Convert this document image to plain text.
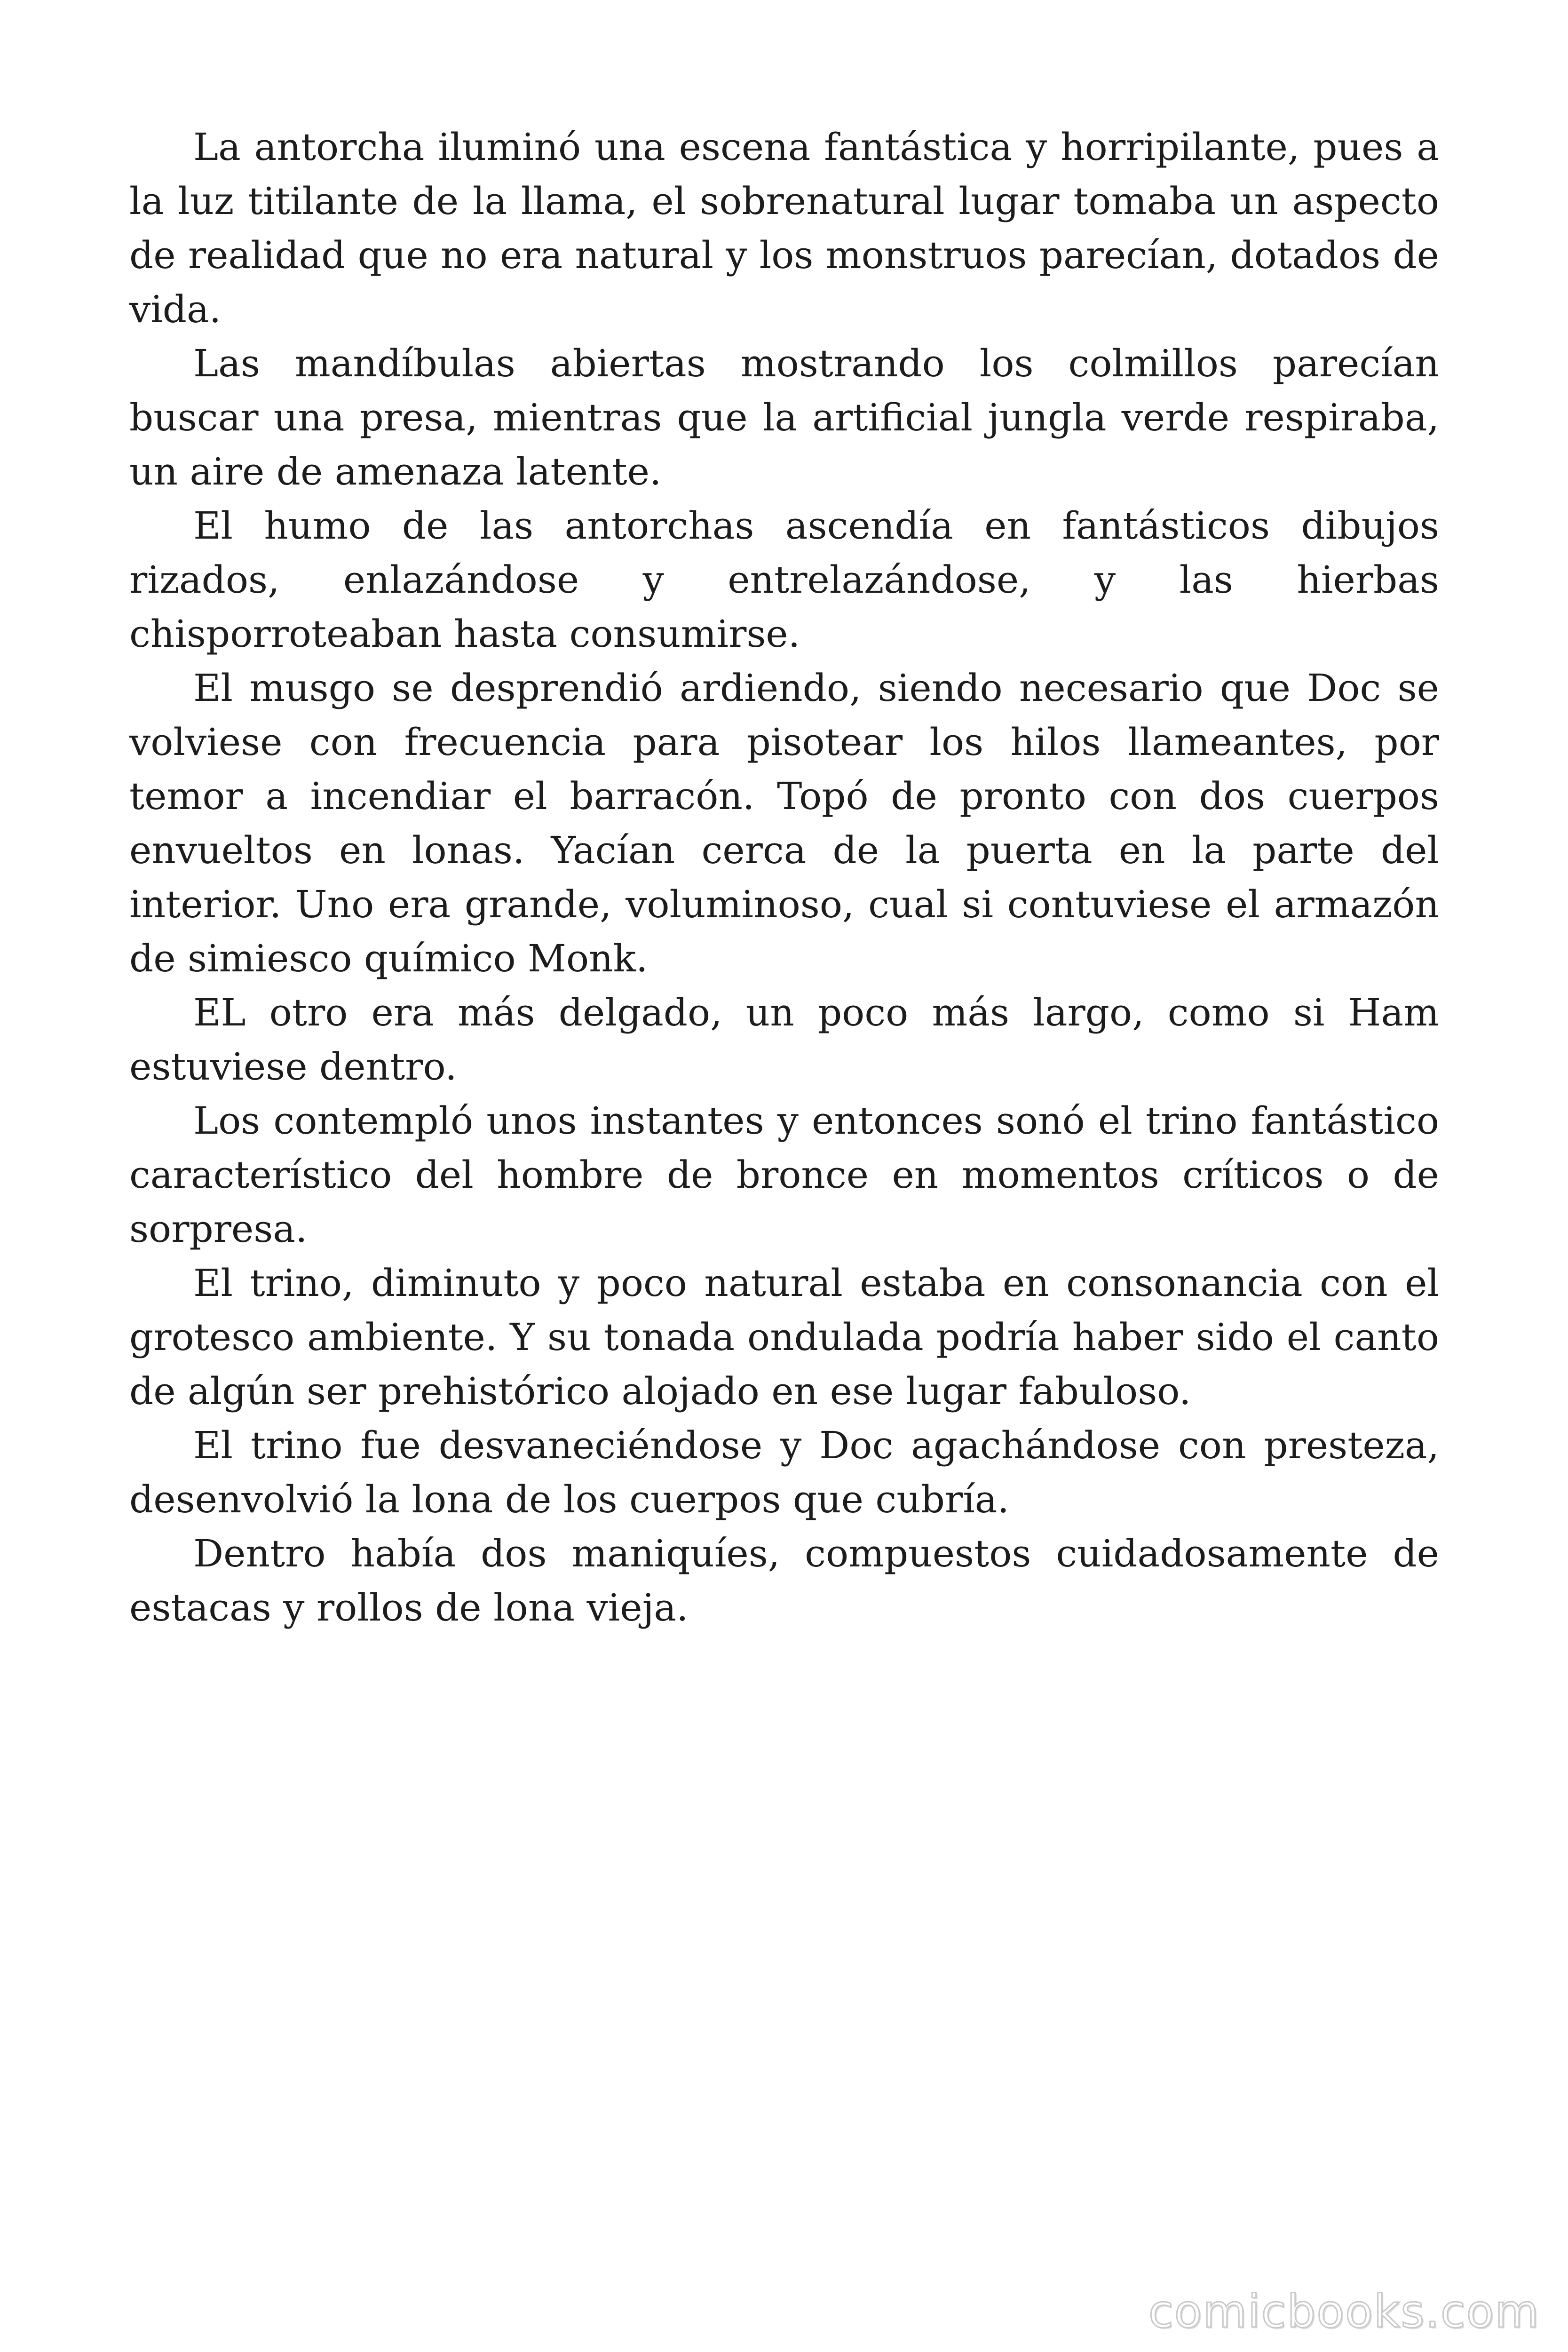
La antorcha iluminó una escena fantástica y horripilante, pues a la luz titilante de la llama, el sobrenatural lugar tomaba un aspecto de realidad que no era natural y los monstruos parecían, dotados de vida.

Las mandíbulas abiertas mostrando los colmillos parecían buscar una presa, mientras que la artificial jungla verde respiraba, un aire de amenaza latente.

El humo de las antorchas ascendía en fantásticos dibujos rizados, enlazándose y entrelazándose, y las hierbas chisporroteaban hasta consumirse.

El musgo se desprendió ardiendo, siendo necesario que Doc se volviese con frecuencia para pisotear los hilos llameantes, por temor a incendiar el barracón. Topó de pronto con dos cuerpos envueltos en lonas. Yacían cerca de la puerta en la parte del interior. Uno era grande, voluminoso, cual si contuviese el armazón de simiesco químico Monk.

EL otro era más delgado, un poco más largo, como si Ham estuviese dentro.

Los contempló unos instantes y entonces sonó el trino fantástico característico del hombre de bronce en momentos críticos o de sorpresa.

El trino, diminuto y poco natural estaba en consonancia con el grotesco ambiente. Y su tonada ondulada podría haber sido el canto de algún ser prehistórico alojado en ese lugar fabuloso.

El trino fue desvaneciéndose y Doc agachándose con presteza, desenvolvió la lona de los cuerpos que cubría.

Dentro había dos maniquíes, compuestos cuidadosamente de estacas y rollos de lona vieja.

comicbooks.com
